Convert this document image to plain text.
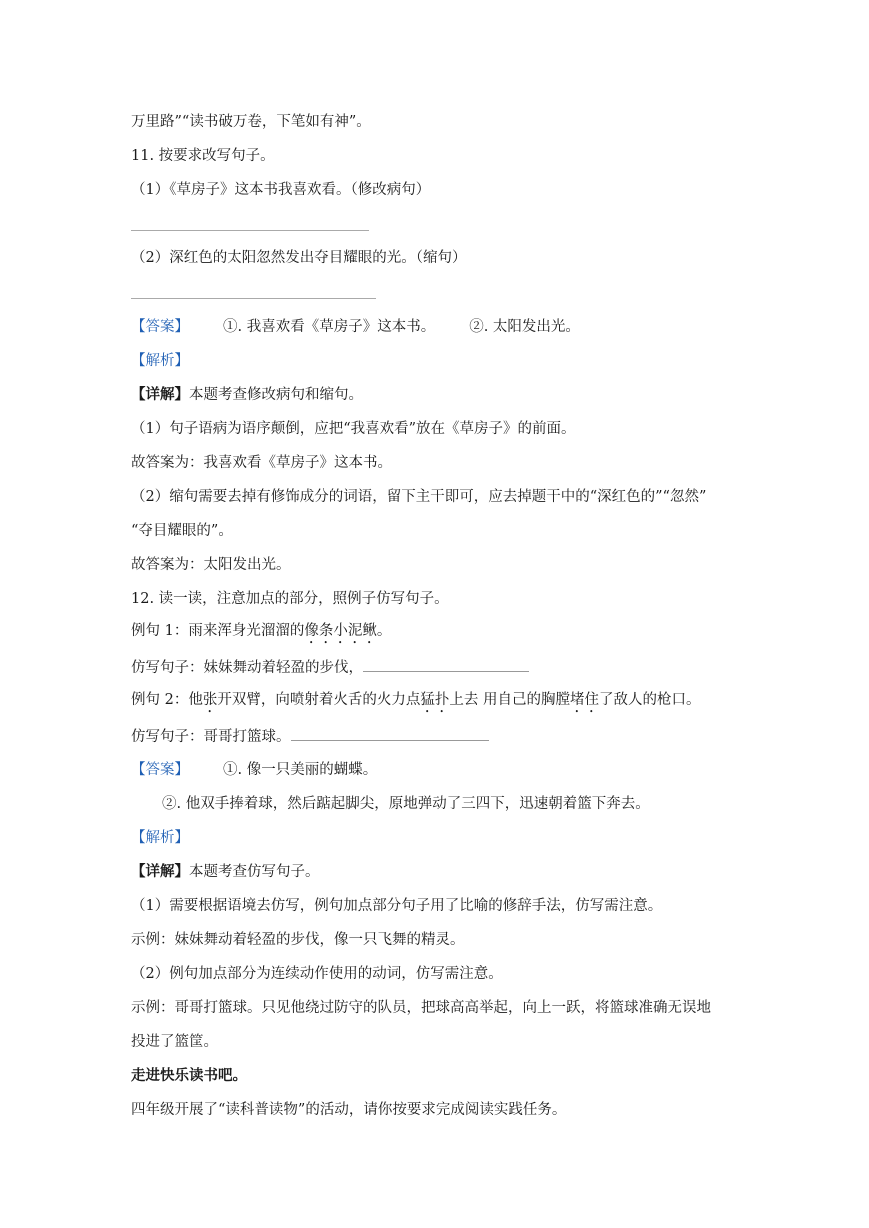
万里路”“读书破万卷，下笔如有神”。
11. 按要求改写句子。
（1）《草房子》这本书我喜欢看。（修改病句）
（2）深红色的太阳忽然发出夺目耀眼的光。（缩句）
【答案】 ①. 我喜欢看《草房子》这本书。 ②. 太阳发出光。
【解析】
【详解】本题考查修改病句和缩句。
（1）句子语病为语序颠倒，应把“我喜欢看”放在《草房子》的前面。
故答案为：我喜欢看《草房子》这本书。
（2）缩句需要去掉有修饰成分的词语，留下主干即可，应去掉题干中的“深红色的”“忽然”
“夺目耀眼的”。
故答案为：太阳发出光。
12. 读一读，注意加点的部分，照例子仿写句子。
例句 1：雨来浑身光溜溜的像条小泥鳅。
仿写句子：妹妹舞动着轻盈的步伐，
例句 2：他张开双臂，向喷射着火舌的火力点猛扑上去 用自己的胸膛堵住了敌人的枪口。
仿写句子：哥哥打篮球。
【答案】 ①. 像一只美丽的蝴蝶。
②. 他双手捧着球，然后踮起脚尖，原地弹动了三四下，迅速朝着篮下奔去。
【解析】
【详解】本题考查仿写句子。
（1）需要根据语境去仿写，例句加点部分句子用了比喻的修辞手法，仿写需注意。
示例：妹妹舞动着轻盈的步伐，像一只飞舞的精灵。
（2）例句加点部分为连续动作使用的动词，仿写需注意。
示例：哥哥打篮球。只见他绕过防守的队员，把球高高举起，向上一跃，将篮球准确无误地
投进了篮筐。
走进快乐读书吧。
四年级开展了“读科普读物”的活动，请你按要求完成阅读实践任务。
